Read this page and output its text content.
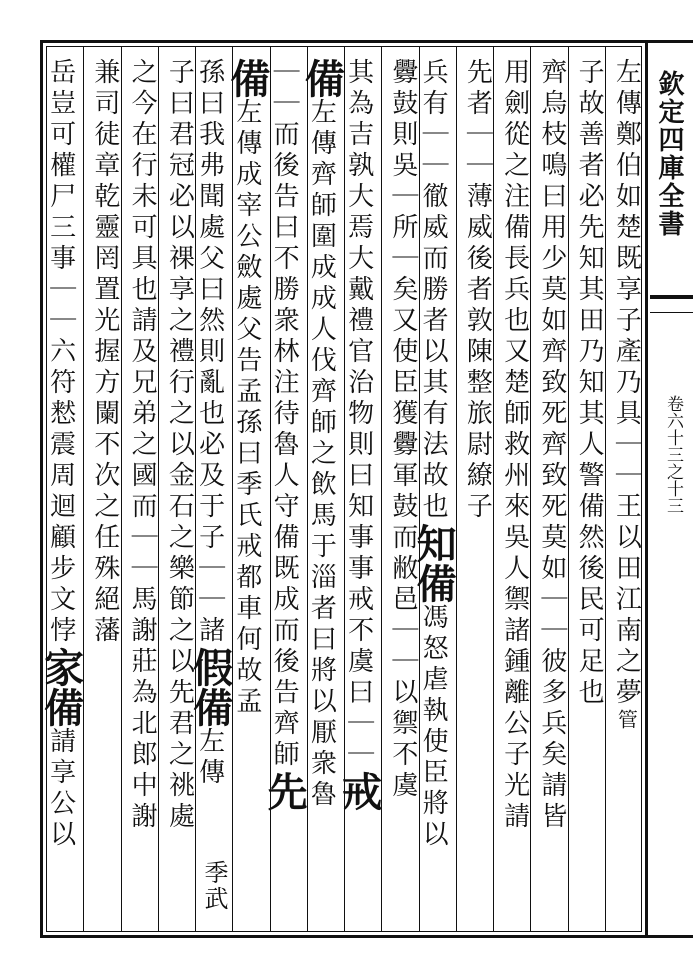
欽定四庫全書
卷六十三之十三
左傳鄭伯如楚既享子產乃具｜｜王以田江南之夢管
子故善者必先知其田乃知其人警備然後民可足也
齊烏枝鳴曰用少莫如齊致死齊致死莫如｜｜彼多兵矣請皆
用劍從之注備長兵也又楚師救州來吳人禦諸鍾離公子光請
先者｜｜薄威後者敦陳整旅尉繚子
兵有｜｜徹威而勝者以其有法故也知備馮怒虐執使臣將以
釁鼓則吳｜所｜矣又使臣獲釁軍鼓而敝邑｜｜以禦不虞
其為吉孰大焉大戴禮官治物則曰知事事戒不虞曰｜｜戒
備左傳齊師圍成成人伐齊師之飲馬于淄者曰將以厭衆魯
｜｜而後告曰不勝衆林注待魯人守備既成而後告齊師先
備左傳成宰公斂處父告孟孫曰季氏戒都車何故孟
孫曰我弗聞處父曰然則亂也必及于子｜｜諸假備左傳
子曰君冠必以祼享之禮行之以金石之樂節之以先君之祧處
之今在行未可具也請及兄弟之國而｜｜馬謝莊為北郎中謝
兼司徒章乾靈罔置光握方闌不次之任殊絕藩
岳豈可權尸三事｜｜六符慭震周迴顧步文悖家備請享公以
季武
